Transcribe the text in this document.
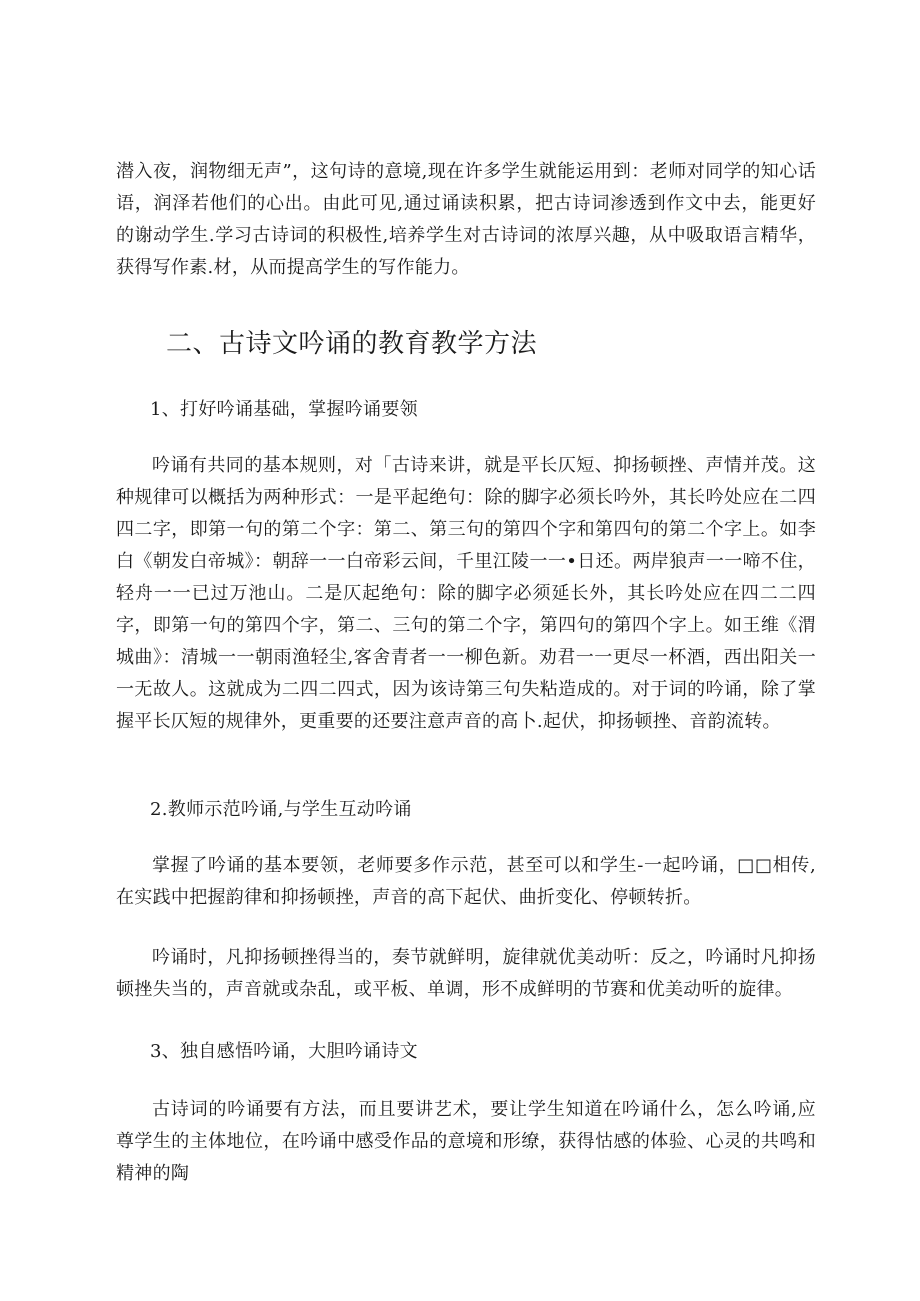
潜入夜，润物细无声”，这句诗的意境,现在许多学生就能运用到：老师对同学的知心话语，润泽若他们的心出。由此可见,通过诵读积累，把古诗词渗透到作文中去，能更好的谢动学生.学习古诗词的积极性,培养学生对古诗词的浓厚兴趣，从中吸取语言精华，获得写作素.材，从而提高学生的写作能力。
二、古诗文吟诵的教育教学方法
1、打好吟诵基础，掌握吟诵要领
吟诵有共同的基本规则，对「古诗来讲，就是平长仄短、抑扬顿挫、声情并茂。这种规律可以概括为两种形式：一是平起绝句：除的脚字必须长吟外，其长吟处应在二四四二字，即第一句的第二个字：第二、第三句的第四个字和第四句的第二个字上。如李白《朝发白帝城》：朝辞一一白帝彩云间，千里江陵一一•日还。两岸狼声一一啼不住，轻舟一一已过万池山。二是仄起绝句：除的脚字必须延长外，其长吟处应在四二二四字，即第一句的第四个字，第二、三句的第二个字，第四句的第四个字上。如王维《渭城曲》：清城一一朝雨渔轻尘,客舍青者一一柳色新。劝君一一更尽一杯酒，西出阳关一一无故人。这就成为二四二四式，因为该诗第三句失粘造成的。对于词的吟诵，除了掌握平长仄短的规律外，更重要的还要注意声音的高卜.起伏，抑扬顿挫、音韵流转。
2.教师示范吟诵,与学生互动吟诵
掌握了吟诵的基本要领，老师要多作示范，甚至可以和学生-一起吟诵，□□相传,在实践中把握韵律和抑扬顿挫，声音的高下起伏、曲折变化、停顿转折。
吟诵时，凡抑扬顿挫得当的，奏节就鲜明，旋律就优美动听：反之，吟诵时凡抑扬顿挫失当的，声音就或杂乱，或平板、单调，形不成鲜明的节赛和优美动听的旋律。
3、独自感悟吟诵，大胆吟诵诗文
古诗词的吟诵要有方法，而且要讲艺术，要让学生知道在吟诵什么，怎么吟诵,应尊学生的主体地位，在吟诵中感受作品的意境和形缭，获得怙感的体验、心灵的共鸣和精神的陶
